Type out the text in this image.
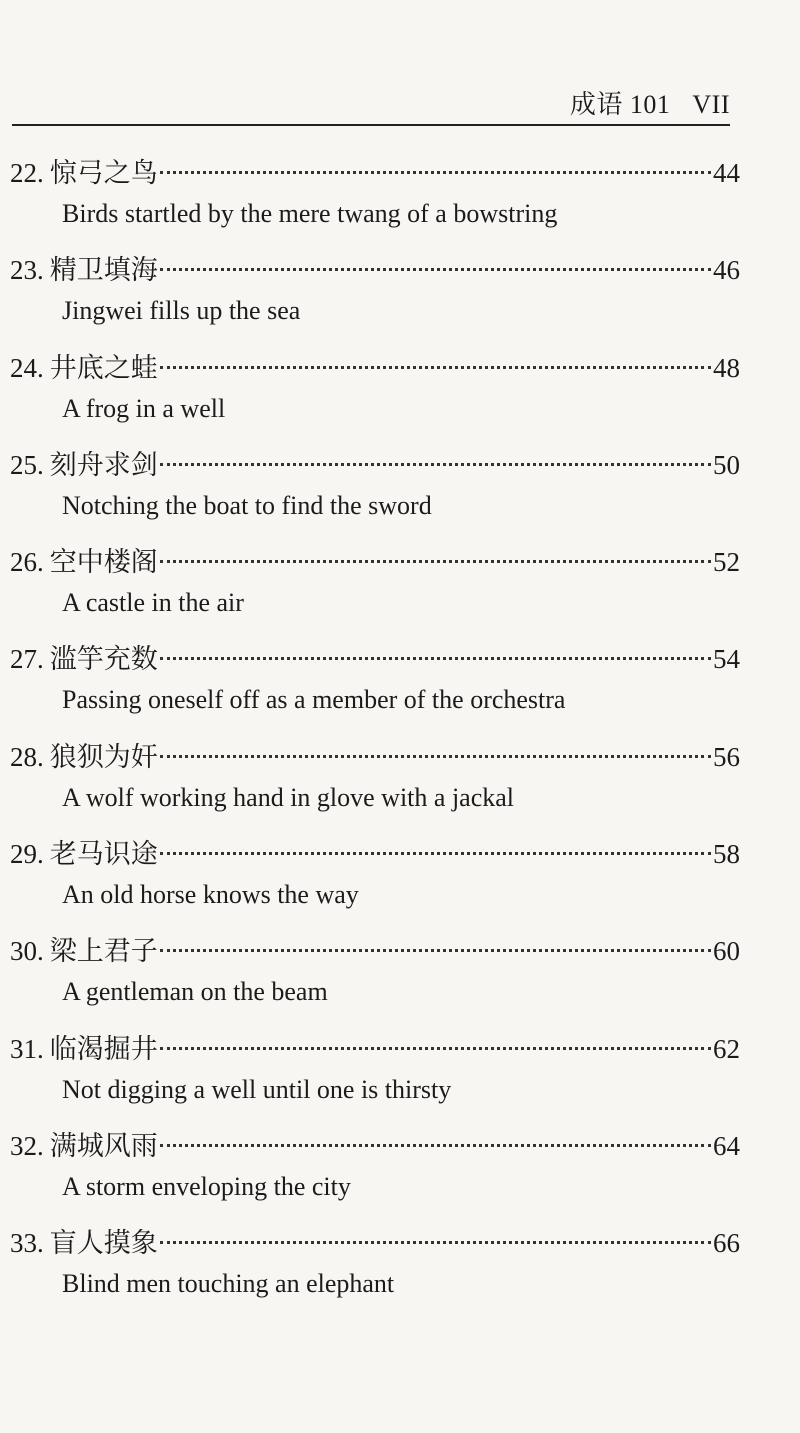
成语 101 VII
22. 惊弓之鸟	44
Birds startled by the mere twang of a bowstring
23. 精卫填海	46
Jingwei fills up the sea
24. 井底之蛙	48
A frog in a well
25. 刻舟求剑	50
Notching the boat to find the sword
26. 空中楼阁	52
A castle in the air
27. 滥竽充数	54
Passing oneself off as a member of the orchestra
28. 狼狈为奸	56
A wolf working hand in glove with a jackal
29. 老马识途	58
An old horse knows the way
30. 梁上君子	60
A gentleman on the beam
31. 临渴掘井	62
Not digging a well until one is thirsty
32. 满城风雨	64
A storm enveloping the city
33. 盲人摸象	66
Blind men touching an elephant
